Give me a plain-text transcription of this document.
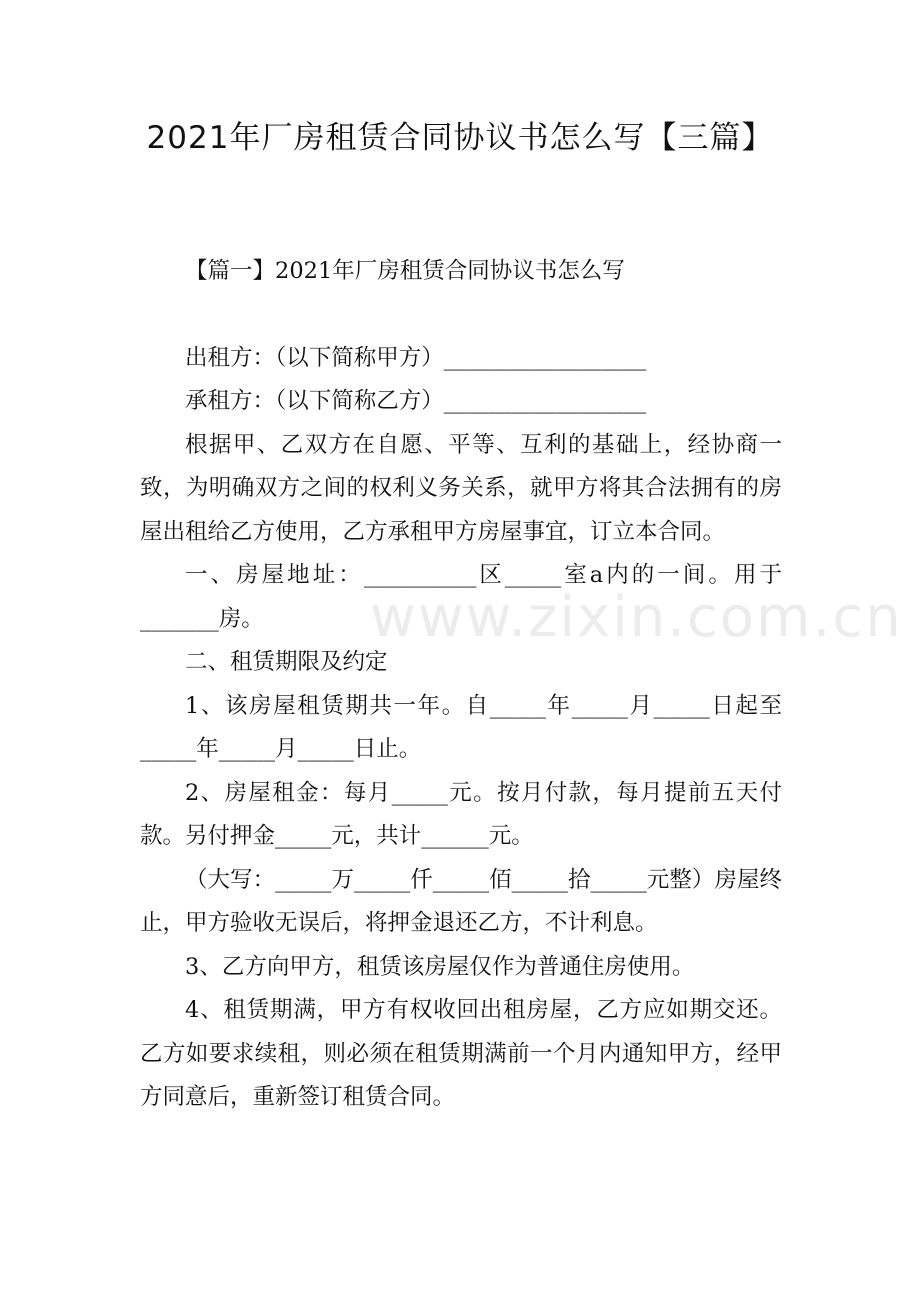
2021年厂房租赁合同协议书怎么写【三篇】

【篇一】2021年厂房租赁合同协议书怎么写

出租方：（以下简称甲方）__________________

承租方：（以下简称乙方）__________________

根据甲、乙双方在自愿、平等、互利的基础上，经协商一致，为明确双方之间的权利义务关系，就甲方将其合法拥有的房屋出租给乙方使用，乙方承租甲方房屋事宜，订立本合同。

一、房屋地址：__________区_____室a内的一间。用于_______房。

二、租赁期限及约定

1、该房屋租赁期共一年。自_____年_____月_____日起至_____年_____月_____日止。

2、房屋租金：每月_____元。按月付款，每月提前五天付款。另付押金_____元，共计______元。

（大写：_____万_____仟_____佰_____拾_____元整）房屋终止，甲方验收无误后，将押金退还乙方，不计利息。

3、乙方向甲方，租赁该房屋仅作为普通住房使用。

4、租赁期满，甲方有权收回出租房屋，乙方应如期交还。乙方如要求续租，则必须在租赁期满前一个月内通知甲方，经甲方同意后，重新签订租赁合同。

www.zixin.com.cn
